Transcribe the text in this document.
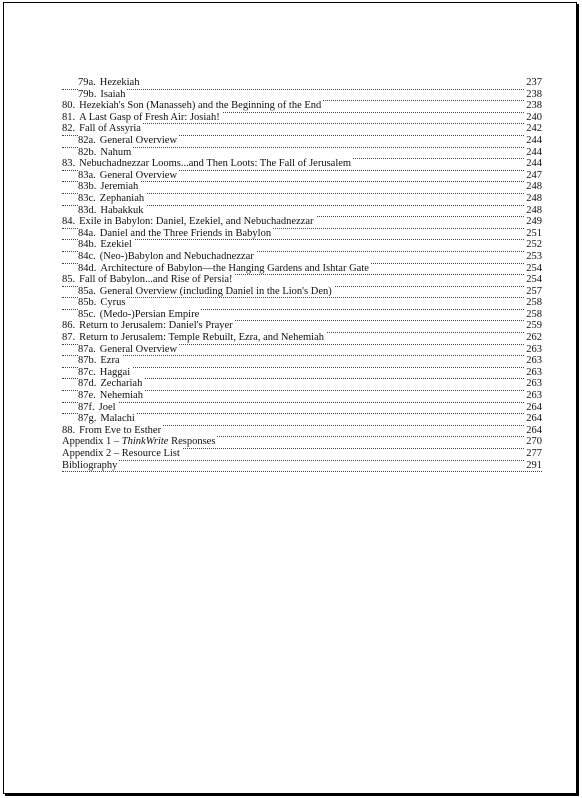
79a. Hezekiah	237
79b. Isaiah	238
80. Hezekiah's Son (Manasseh) and the Beginning of the End	238
81. A Last Gasp of Fresh Air: Josiah!	240
82. Fall of Assyria	242
82a. General Overview	244
82b. Nahum	244
83. Nebuchadnezzar Looms...and Then Loots: The Fall of Jerusalem	244
83a. General Overview	247
83b. Jeremiah	248
83c. Zephaniah	248
83d. Habakkuk	248
84. Exile in Babylon: Daniel, Ezekiel, and Nebuchadnezzar	249
84a. Daniel and the Three Friends in Babylon	251
84b. Ezekiel	252
84c. (Neo-)Babylon and Nebuchadnezzar	253
84d. Architecture of Babylon—the Hanging Gardens and Ishtar Gate	254
85. Fall of Babylon...and Rise of Persia!	254
85a. General Overview (including Daniel in the Lion's Den)	257
85b. Cyrus	258
85c. (Medo-)Persian Empire	258
86. Return to Jerusalem: Daniel's Prayer	259
87. Return to Jerusalem: Temple Rebuilt, Ezra, and Nehemiah	262
87a. General Overview	263
87b. Ezra	263
87c. Haggai	263
87d. Zechariah	263
87e. Nehemiah	263
87f. Joel	264
87g. Malachi	264
88. From Eve to Esther	264
Appendix 1 – ThinkWrite Responses	270
Appendix 2 – Resource List	277
Bibliography	291
